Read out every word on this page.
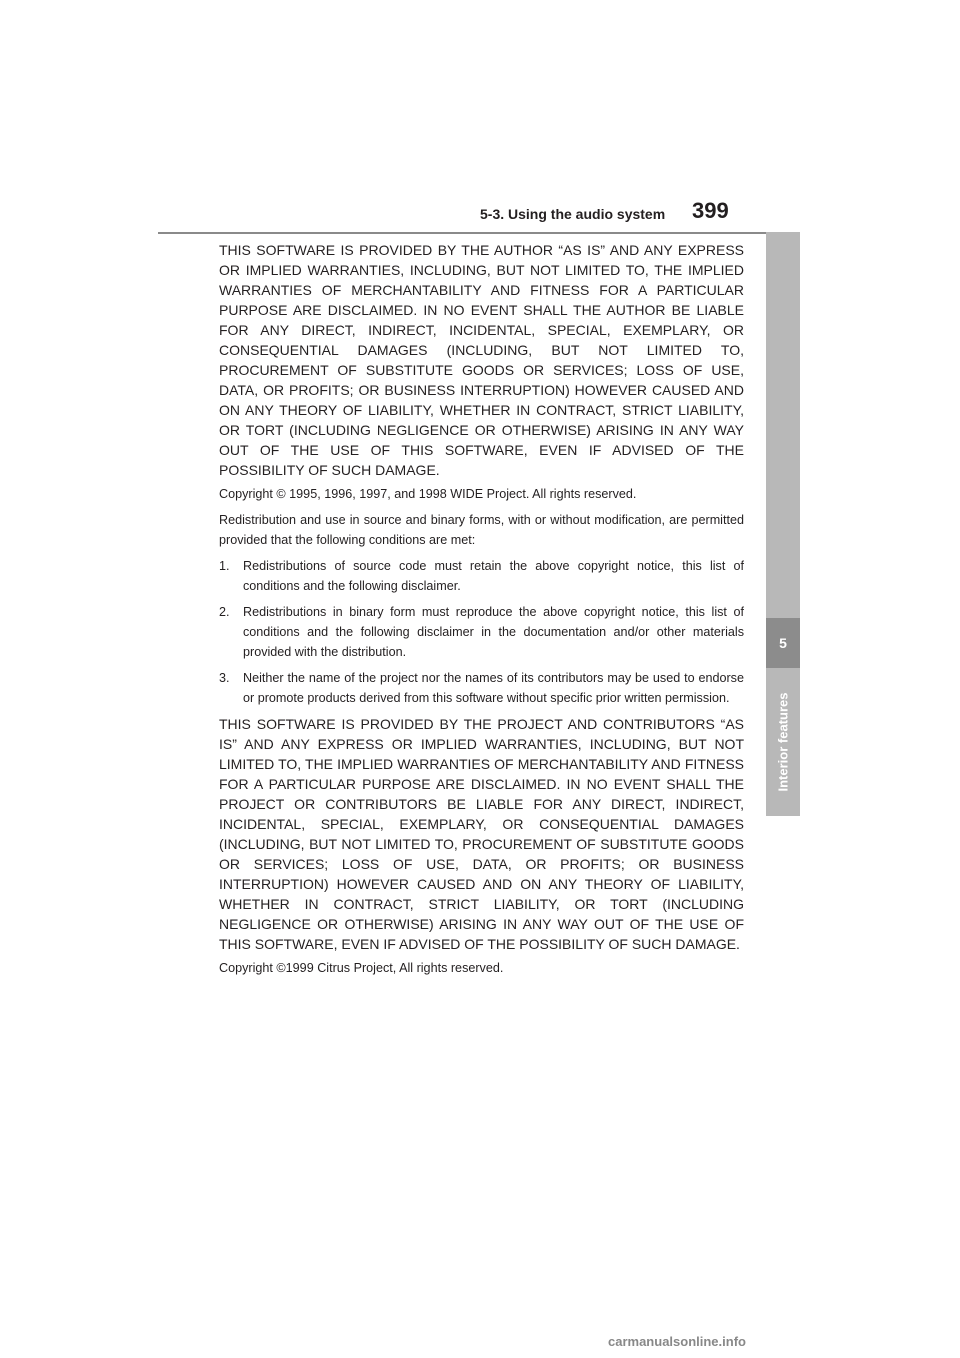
5-3. Using the audio system 399
5
Interior features

THIS SOFTWARE IS PROVIDED BY THE AUTHOR “AS IS” AND ANY EXPRESS OR IMPLIED WARRANTIES, INCLUDING, BUT NOT LIMITED TO, THE IMPLIED WARRANTIES OF MERCHANTABILITY AND FITNESS FOR A PARTICULAR PURPOSE ARE DISCLAIMED. IN NO EVENT SHALL THE AUTHOR BE LIABLE FOR ANY DIRECT, INDIRECT, INCIDENTAL, SPECIAL, EXEMPLARY, OR CONSEQUENTIAL DAMAGES (INCLUDING, BUT NOT LIMITED TO, PROCUREMENT OF SUBSTITUTE GOODS OR SERVICES; LOSS OF USE, DATA, OR PROFITS; OR BUSINESS INTERRUPTION) HOWEVER CAUSED AND ON ANY THEORY OF LIABILITY, WHETHER IN CONTRACT, STRICT LIABILITY, OR TORT (INCLUDING NEGLIGENCE OR OTHERWISE) ARISING IN ANY WAY OUT OF THE USE OF THIS SOFTWARE, EVEN IF ADVISED OF THE POSSIBILITY OF SUCH DAMAGE.

Copyright © 1995, 1996, 1997, and 1998 WIDE Project. All rights reserved.

Redistribution and use in source and binary forms, with or without modification, are permitted provided that the following conditions are met:

1. Redistributions of source code must retain the above copyright notice, this list of conditions and the following disclaimer.
2. Redistributions in binary form must reproduce the above copyright notice, this list of conditions and the following disclaimer in the documentation and/or other materials provided with the distribution.
3. Neither the name of the project nor the names of its contributors may be used to endorse or promote products derived from this software without specific prior written permission.

THIS SOFTWARE IS PROVIDED BY THE PROJECT AND CONTRIBUTORS “AS IS” AND ANY EXPRESS OR IMPLIED WARRANTIES, INCLUDING, BUT NOT LIMITED TO, THE IMPLIED WARRANTIES OF MERCHANTABILITY AND FITNESS FOR A PARTICULAR PURPOSE ARE DISCLAIMED. IN NO EVENT SHALL THE PROJECT OR CONTRIBUTORS BE LIABLE FOR ANY DIRECT, INDIRECT, INCIDENTAL, SPECIAL, EXEMPLARY, OR CONSEQUENTIAL DAMAGES (INCLUDING, BUT NOT LIMITED TO, PROCUREMENT OF SUBSTITUTE GOODS OR SERVICES; LOSS OF USE, DATA, OR PROFITS; OR BUSINESS INTERRUPTION) HOWEVER CAUSED AND ON ANY THEORY OF LIABILITY, WHETHER IN CONTRACT, STRICT LIABILITY, OR TORT (INCLUDING NEGLIGENCE OR OTHERWISE) ARISING IN ANY WAY OUT OF THE USE OF THIS SOFTWARE, EVEN IF ADVISED OF THE POSSIBILITY OF SUCH DAMAGE.

Copyright ©1999 Citrus Project, All rights reserved.

carmanualsonline.info
